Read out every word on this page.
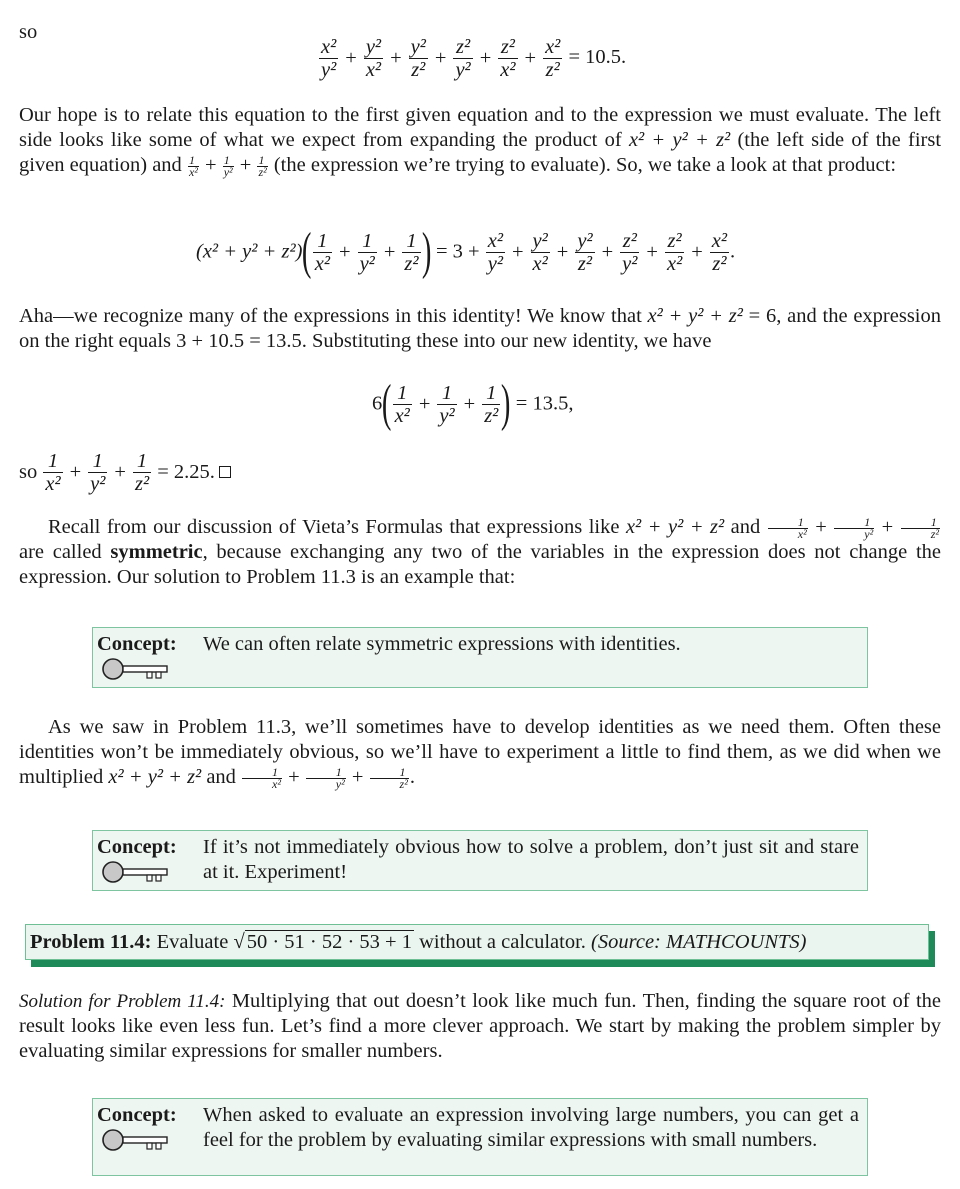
so
$\frac{\text{x²}}{\text{y²}} + \frac{\text{y²}}{\text{x²}} + \frac{\text{y²}}{\text{z²}} + \frac{\text{z²}}{\text{y²}} + \frac{\text{z²}}{\text{x²}} + \frac{\text{x²}}{\text{z²}} = 10.5$.

Our hope is to relate this equation to the first given equation and to the expression we must evaluate. The left side looks like some of what we expect from expanding the product of x² + y² + z² (the left side of the first given equation) and $\frac{1}{\text{x²}} + \frac{1}{\text{y²}} + \frac{1}{\text{z²}} (the$ expression we’re trying to evaluate). So, we take a look at that product:

$(x^2 + y^2 + z^2)( \frac{1}{\text{x²}} + \frac{1}{\text{y²}} + \frac{1}{\text{z²}}$ ) = $3 + \frac{\text{x²}}{\text{y²}} + \frac{\text{y²}}{\text{x²}} + \frac{\text{y²}}{\text{z²}} + \frac{\text{z²}}{\text{y²}} + \frac{\text{z²}}{\text{x²}} + \frac{\text{x²}}{\text{z²}}$ .

Aha—we recognize many of the expressions in this identity! We know that x² + y² + z² = 6, and the expression on the right equals 3 + 10.5 = 13.5. Substituting these into our new identity, we have

$6( \frac{1}{\text{x²}} + \frac{1}{\text{y²}} + \frac{1}{\text{z²}}$ ) = 13.5,
so $\frac{1}{\text{x²}} + \frac{1}{\text{y²}} + \frac{1}{\text{z²}} = 2.25$.

Recall from our discussion of Vieta’s Formulas that expressions like x² + y² + z² and $\frac{1}{\text{x²}} + \frac{1}{\text{y²}} + \frac{1}{\text{z²}}$
are called symmetric, because exchanging any two of the variables in the expression does not change the expression. Our solution to Problem 11.3 is an example that:

Concept: We can often relate symmetric expressions with identities.

As we saw in Problem 11.3, we’ll sometimes have to develop identities as we need them. Often these identities won’t be immediately obvious, so we’ll have to experiment a little to find them, as we did when we multiplied x² + y² + z² and $\frac{1}{\text{x²}} + \frac{1}{\text{y²}} + \frac{1}{\text{z²}}$ .

Concept: If it’s not immediately obvious how to solve a problem, don’t just sit and stare at it. Experiment!
Problem 11.4: Evaluate √50 · 51 · 52 · 53 + 1 without a calculator. (Source: MATHCOUNTS)

Solution for Problem 11.4: Multiplying that out doesn’t look like much fun. Then, finding the square root of the result looks like even less fun. Let’s find a more clever approach. We start by making the problem simpler by evaluating similar expressions for smaller numbers.

Concept: When asked to evaluate an expression involving large numbers, you can get a feel for the problem by evaluating similar expressions with small numbers.
